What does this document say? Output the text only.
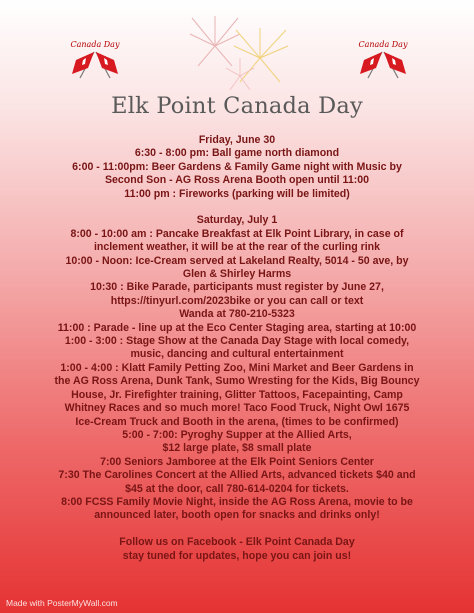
Canada Day	Canada Day
Elk Point Canada Day
Friday, June 30
6:30 - 8:00 pm: Ball game north diamond
6:00 - 11:00pm: Beer Gardens & Family Game night with Music by
Second Son - AG Ross Arena Booth open until 11:00
11:00 pm : Fireworks (parking will be limited)
Saturday, July 1
8:00 - 10:00 am : Pancake Breakfast at Elk Point Library, in case of
inclement weather, it will be at the rear of the curling rink
10:00 - Noon: Ice-Cream served at Lakeland Realty, 5014 - 50 ave, by
Glen & Shirley Harms
10:30 : Bike Parade, participants must register by June 27,
https://tinyurl.com/2023bike or you can call or text
Wanda at 780-210-5323
11:00 : Parade - line up at the Eco Center Staging area, starting at 10:00
1:00 - 3:00 : Stage Show at the Canada Day Stage with local comedy,
music, dancing and cultural entertainment
1:00 - 4:00 : Klatt Family Petting Zoo, Mini Market and Beer Gardens in
the AG Ross Arena, Dunk Tank, Sumo Wresting for the Kids, Big Bouncy
House, Jr. Firefighter training, Glitter Tattoos, Facepainting, Camp
Whitney Races and so much more! Taco Food Truck, Night Owl 1675
Ice-Cream Truck and Booth in the arena, (times to be confirmed)
5:00 - 7:00: Pyroghy Supper at the Allied Arts,
$12 large plate, $8 small plate
7:00 Seniors Jamboree at the Elk Point Seniors Center
7:30 The Carolines Concert at the Allied Arts, advanced tickets $40 and
$45 at the door, call 780-614-0204 for tickets.
8:00 FCSS Family Movie Night, inside the AG Ross Arena, movie to be
announced later, booth open for snacks and drinks only!
Follow us on Facebook - Elk Point Canada Day
stay tuned for updates, hope you can join us!
Made with PosterMyWall.com
